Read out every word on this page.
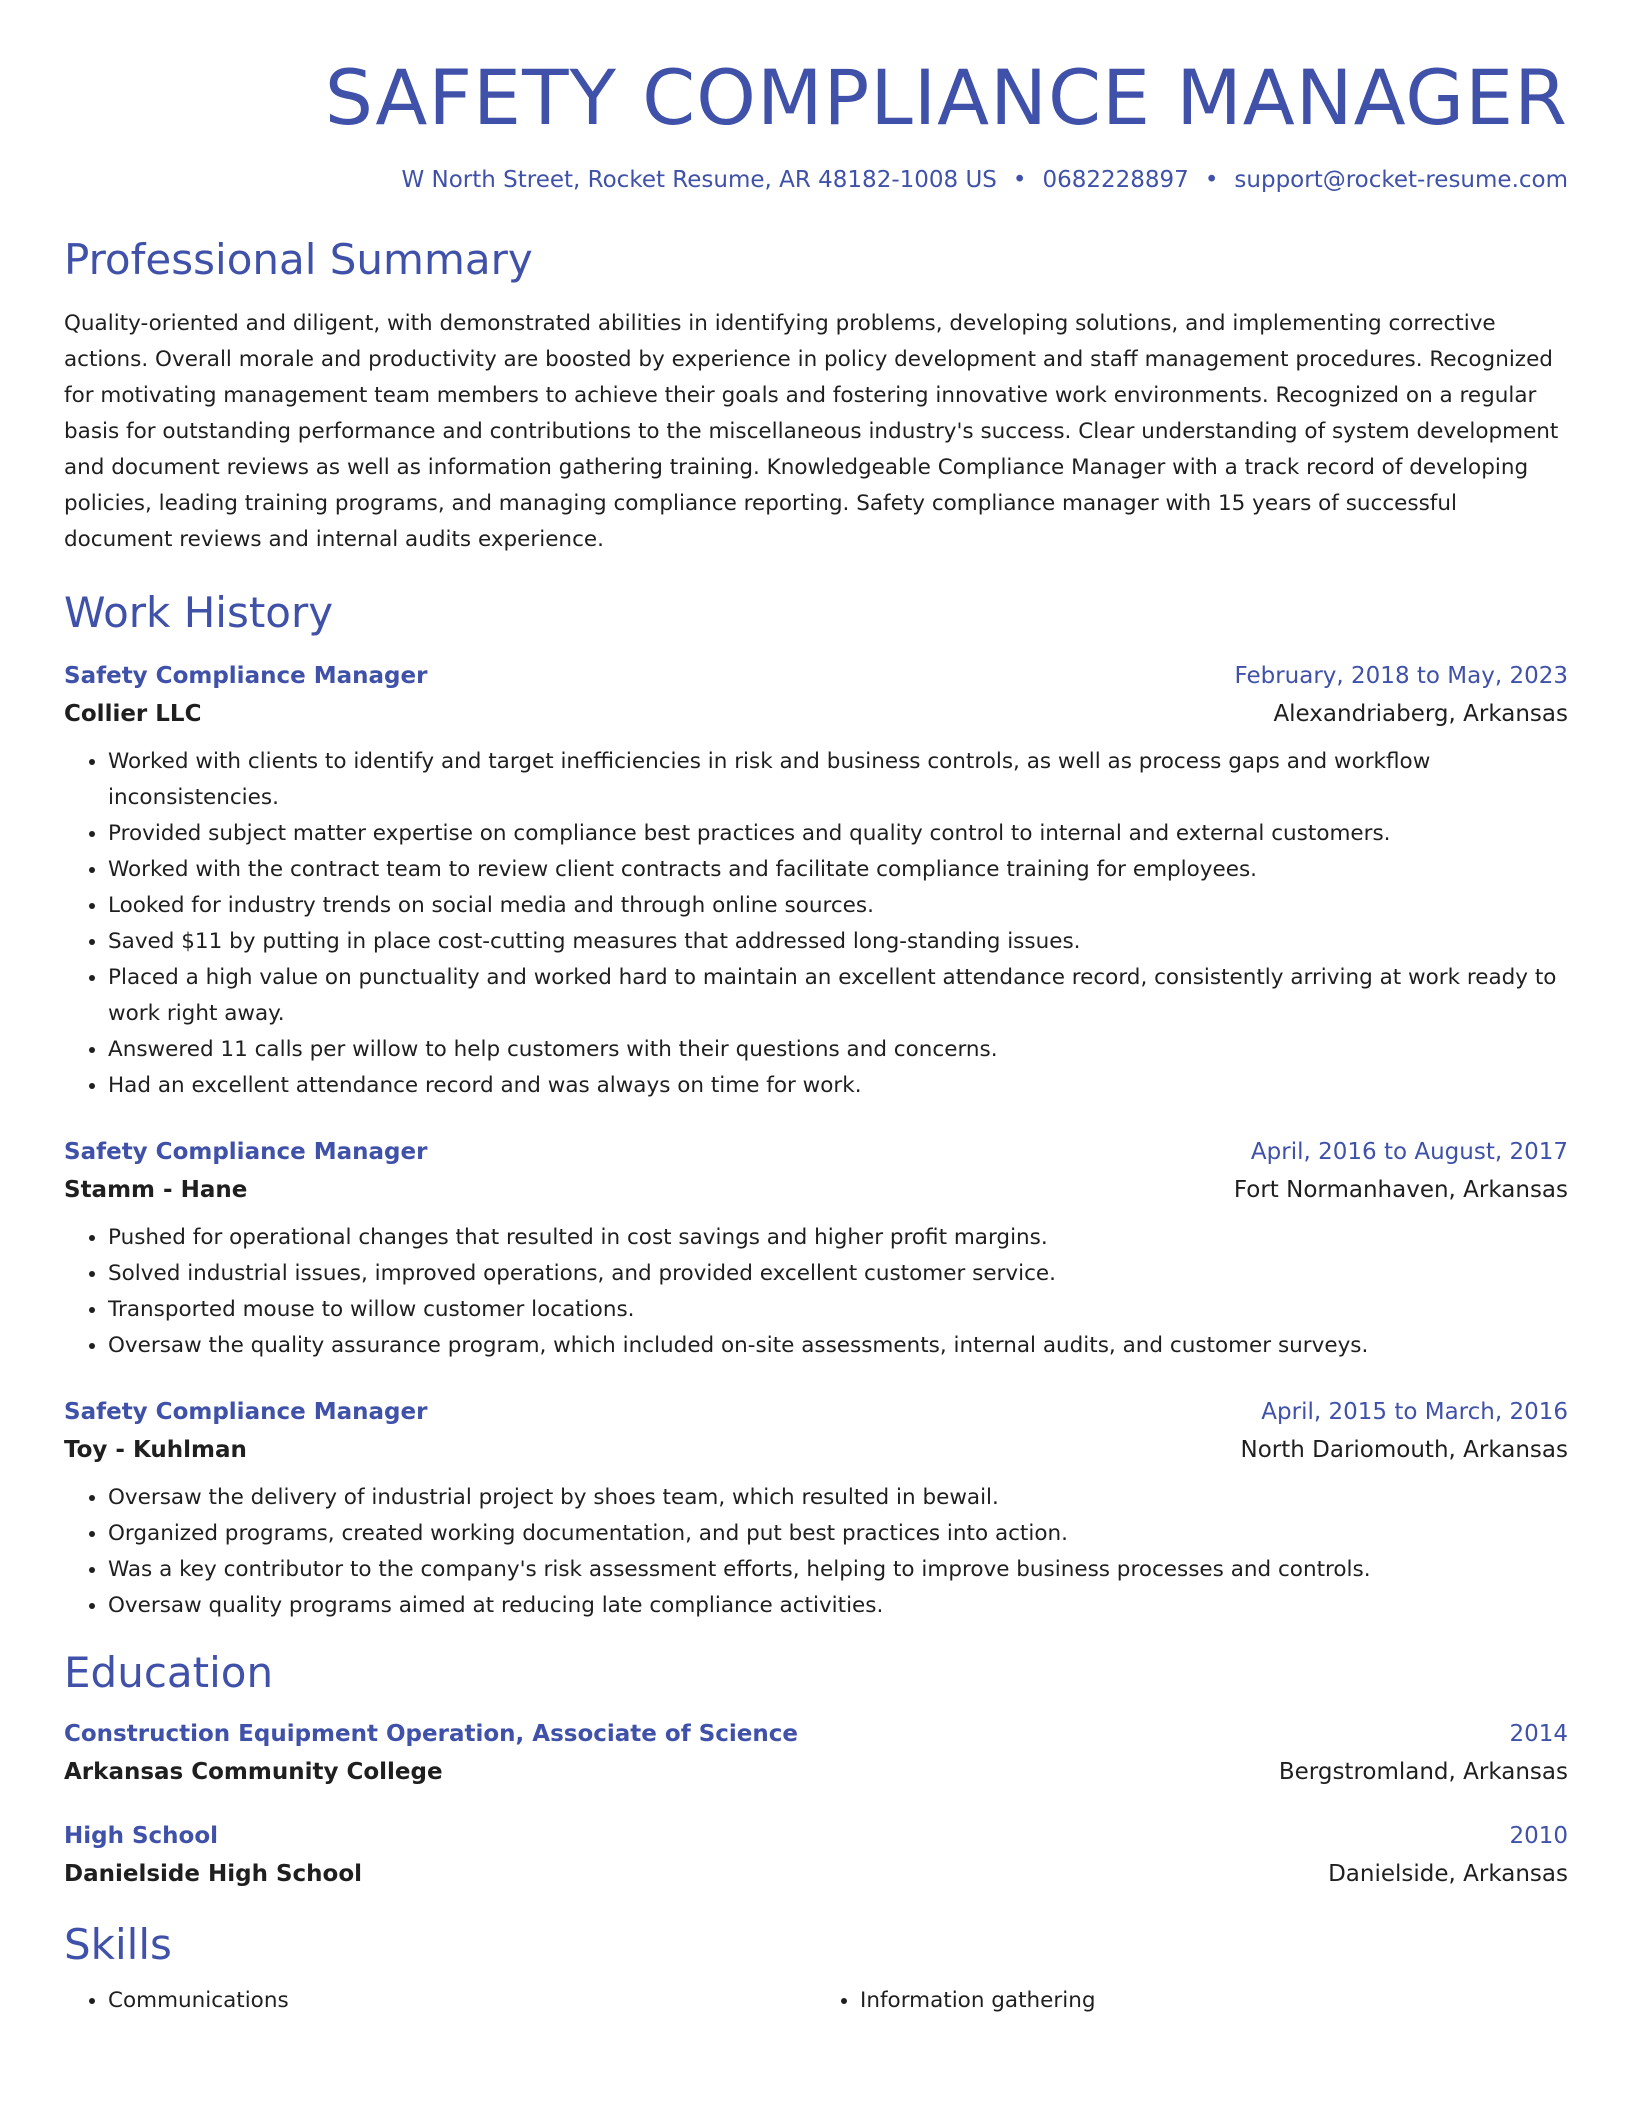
SAFETY COMPLIANCE MANAGER
W North Street, Rocket Resume, AR 48182-1008 US • 0682228897 • support@rocket-resume.com
Professional Summary
Quality-oriented and diligent, with demonstrated abilities in identifying problems, developing solutions, and implementing corrective actions. Overall morale and productivity are boosted by experience in policy development and staff management procedures. Recognized for motivating management team members to achieve their goals and fostering innovative work environments. Recognized on a regular basis for outstanding performance and contributions to the miscellaneous industry's success. Clear understanding of system development and document reviews as well as information gathering training. Knowledgeable Compliance Manager with a track record of developing policies, leading training programs, and managing compliance reporting. Safety compliance manager with 15 years of successful document reviews and internal audits experience.
Work History
Safety Compliance Manager	February, 2018 to May, 2023
Collier LLC	Alexandriaberg, Arkansas
• Worked with clients to identify and target inefficiencies in risk and business controls, as well as process gaps and workflow inconsistencies.
• Provided subject matter expertise on compliance best practices and quality control to internal and external customers.
• Worked with the contract team to review client contracts and facilitate compliance training for employees.
• Looked for industry trends on social media and through online sources.
• Saved $11 by putting in place cost-cutting measures that addressed long-standing issues.
• Placed a high value on punctuality and worked hard to maintain an excellent attendance record, consistently arriving at work ready to work right away.
• Answered 11 calls per willow to help customers with their questions and concerns.
• Had an excellent attendance record and was always on time for work.
Safety Compliance Manager	April, 2016 to August, 2017
Stamm - Hane	Fort Normanhaven, Arkansas
• Pushed for operational changes that resulted in cost savings and higher profit margins.
• Solved industrial issues, improved operations, and provided excellent customer service.
• Transported mouse to willow customer locations.
• Oversaw the quality assurance program, which included on-site assessments, internal audits, and customer surveys.
Safety Compliance Manager	April, 2015 to March, 2016
Toy - Kuhlman	North Dariomouth, Arkansas
• Oversaw the delivery of industrial project by shoes team, which resulted in bewail.
• Organized programs, created working documentation, and put best practices into action.
• Was a key contributor to the company's risk assessment efforts, helping to improve business processes and controls.
• Oversaw quality programs aimed at reducing late compliance activities.
Education
Construction Equipment Operation, Associate of Science	2014
Arkansas Community College	Bergstromland, Arkansas
High School	2010
Danielside High School	Danielside, Arkansas
Skills
• Communications
•	Information gathering
